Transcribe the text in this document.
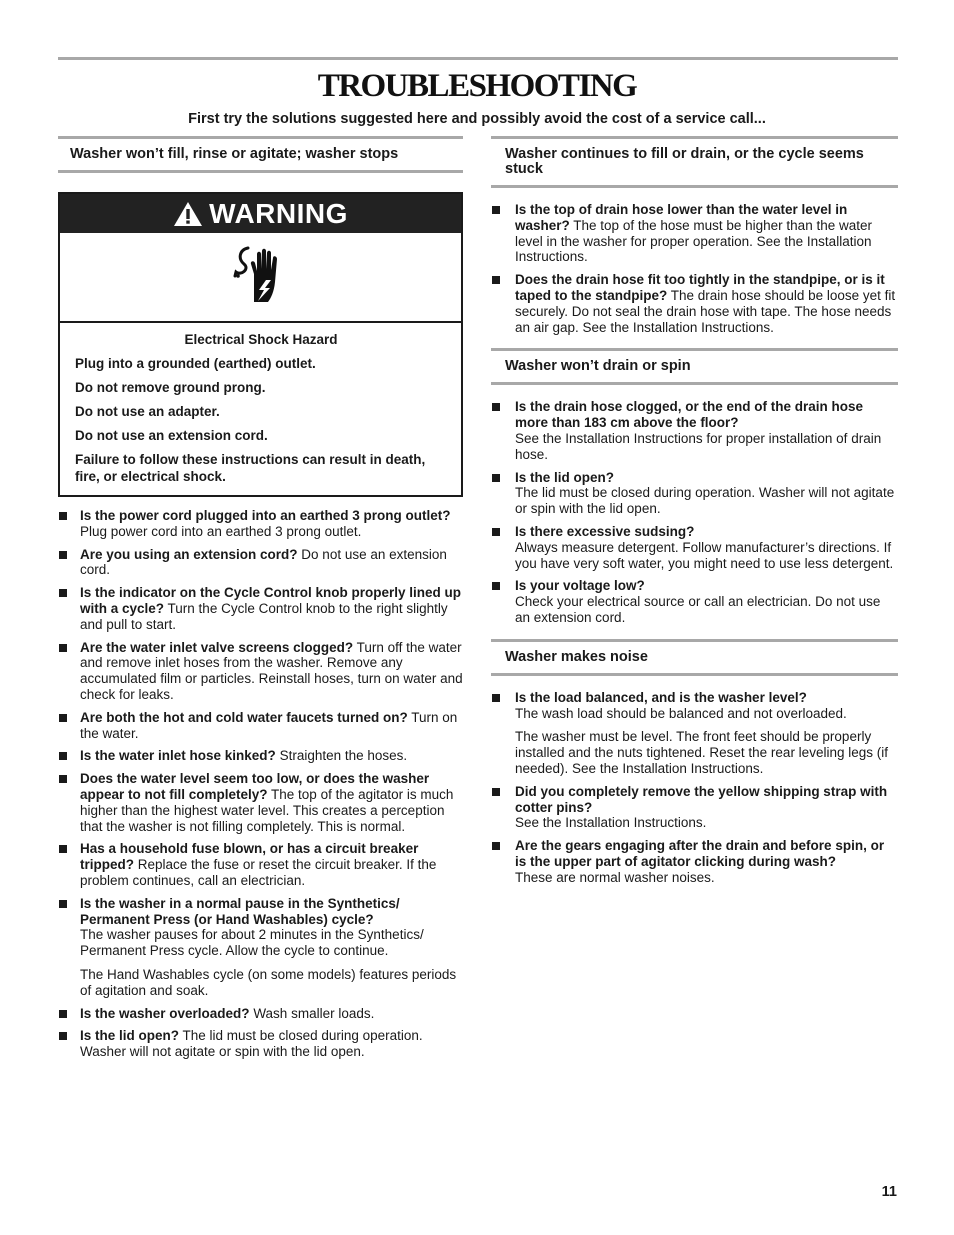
TROUBLESHOOTING
First try the solutions suggested here and possibly avoid the cost of a service call...
Washer won’t fill, rinse or agitate; washer stops
WARNING
Electrical Shock Hazard

Plug into a grounded (earthed) outlet.

Do not remove ground prong.

Do not use an adapter.

Do not use an extension cord.

Failure to follow these instructions can result in death, fire, or electrical shock.

Is the power cord plugged into an earthed 3 prong outlet? Plug power cord into an earthed 3 prong outlet.
Are you using an extension cord? Do not use an extension cord.
Is the indicator on the Cycle Control knob properly lined up with a cycle? Turn the Cycle Control knob to the right slightly and pull to start.
Are the water inlet valve screens clogged? Turn off the water and remove inlet hoses from the washer. Remove any accumulated film or particles. Reinstall hoses, turn on water and check for leaks.
Are both the hot and cold water faucets turned on? Turn on the water.
Is the water inlet hose kinked? Straighten the hoses.
Does the water level seem too low, or does the washer appear to not fill completely? The top of the agitator is much higher than the highest water level. This creates a perception that the washer is not filling completely. This is normal.
Has a household fuse blown, or has a circuit breaker tripped? Replace the fuse or reset the circuit breaker. If the problem continues, call an electrician.
Is the washer in a normal pause in the Synthetics/ Permanent Press (or Hand Washables) cycle?
The washer pauses for about 2 minutes in the Synthetics/ Permanent Press cycle. Allow the cycle to continue.
The Hand Washables cycle (on some models) features periods of agitation and soak.
Is the washer overloaded? Wash smaller loads.
Is the lid open? The lid must be closed during operation. Washer will not agitate or spin with the lid open.
Washer continues to fill or drain, or the cycle seems stuck
Is the top of drain hose lower than the water level in washer? The top of the hose must be higher than the water level in the washer for proper operation. See the Installation Instructions.
Does the drain hose fit too tightly in the standpipe, or is it taped to the standpipe? The drain hose should be loose yet fit securely. Do not seal the drain hose with tape. The hose needs an air gap. See the Installation Instructions.
Washer won’t drain or spin
Is the drain hose clogged, or the end of the drain hose more than 183 cm above the floor?
See the Installation Instructions for proper installation of drain hose.
Is the lid open?
The lid must be closed during operation. Washer will not agitate or spin with the lid open.
Is there excessive sudsing?
Always measure detergent. Follow manufacturer’s directions. If you have very soft water, you might need to use less detergent.
Is your voltage low?
Check your electrical source or call an electrician. Do not use an extension cord.
Washer makes noise
Is the load balanced, and is the washer level?
The wash load should be balanced and not overloaded.
The washer must be level. The front feet should be properly installed and the nuts tightened. Reset the rear leveling legs (if needed). See the Installation Instructions.
Did you completely remove the yellow shipping strap with cotter pins?
See the Installation Instructions.
Are the gears engaging after the drain and before spin, or is the upper part of agitator clicking during wash?
These are normal washer noises.
11
